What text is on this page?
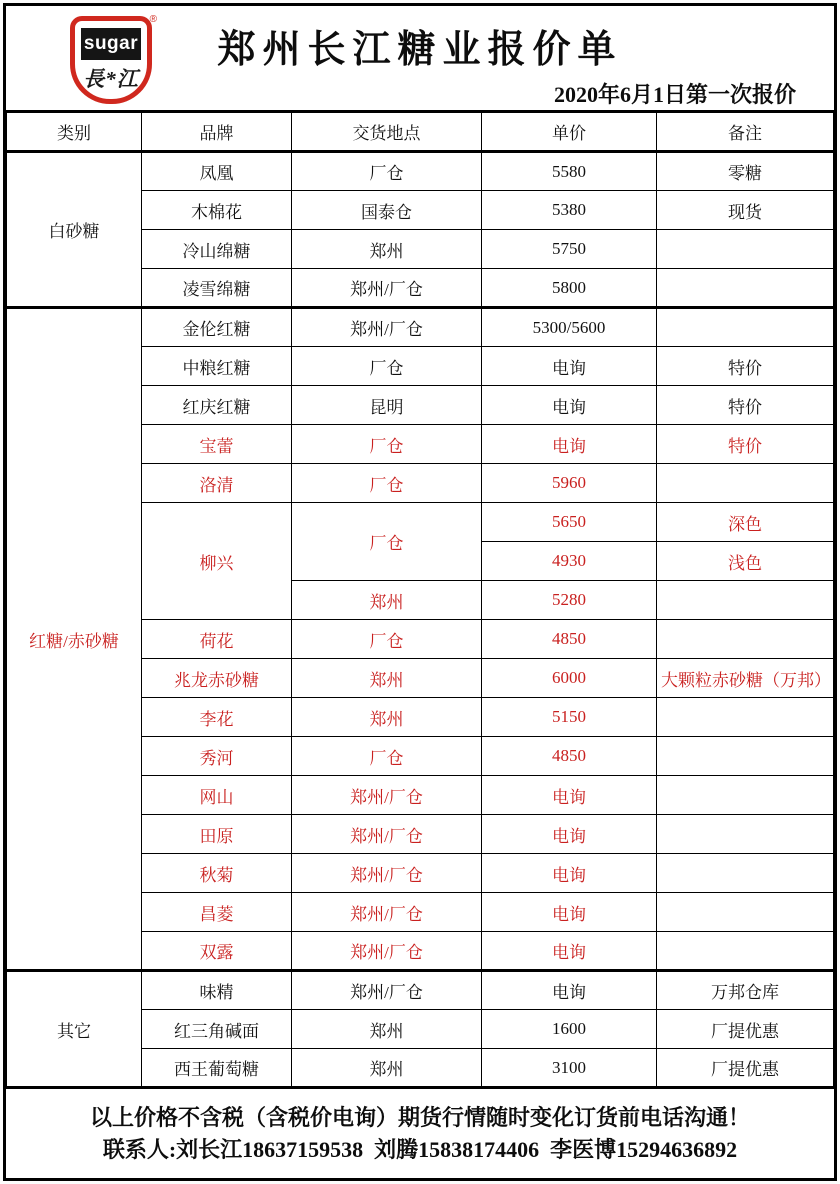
®
sugar
長*江
郑州长江糖业报价单
2020年6月1日第一次报价
类别	品牌	交货地点	单价	备注
白砂糖	凤凰	厂仓	5580	零糖
	木棉花	国泰仓	5380	现货
	冷山绵糖	郑州	5750	
	凌雪绵糖	郑州/厂仓	5800	
红糖/赤砂糖	金伦红糖	郑州/厂仓	5300/5600	
	中粮红糖	厂仓	电询	特价
	红庆红糖	昆明	电询	特价
	宝蕾	厂仓	电询	特价
	洛清	厂仓	5960	
	柳兴	厂仓	5650	深色
			4930	浅色
		郑州	5280	
	荷花	厂仓	4850	
	兆龙赤砂糖	郑州	6000	大颗粒赤砂糖（万邦）
	李花	郑州	5150	
	秀河	厂仓	4850	
	网山	郑州/厂仓	电询	
	田原	郑州/厂仓	电询	
	秋菊	郑州/厂仓	电询	
	昌菱	郑州/厂仓	电询	
	双露	郑州/厂仓	电询	
其它	味精	郑州/厂仓	电询	万邦仓库
	红三角碱面	郑州	1600	厂提优惠
	西王葡萄糖	郑州	3100	厂提优惠
以上价格不含税（含税价电询）期货行情随时变化订货前电话沟通！
联系人:刘长江18637159538  刘腾15838174406  李医博15294636892
